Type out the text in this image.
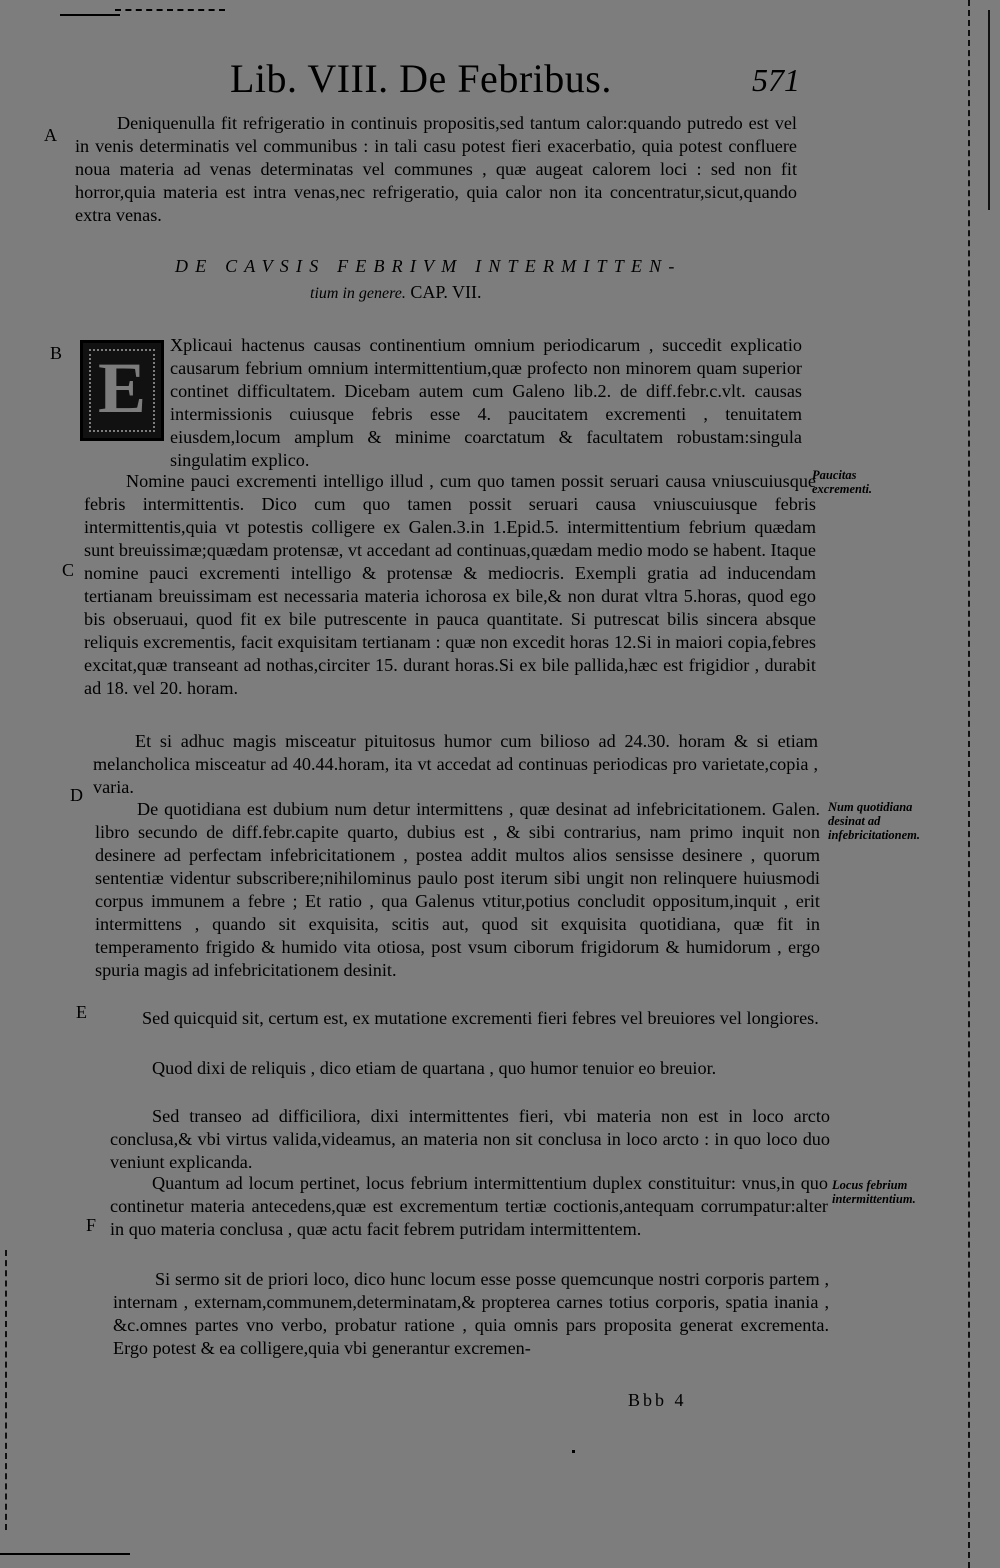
Lib. VIII. De Febribus.	571
A

Deniquenulla fit refrigeratio in continuis propositis,sed tantum calor:quando putredo est vel in venis determinatis vel communibus : in tali casu potest fieri exacerbatio, quia potest confluere noua materia ad venas determinatas vel communes , quæ augeat calorem loci : sed non fit horror,quia materia est intra venas,nec refrigeratio, quia calor non ita concentratur,sicut,quando extra venas.

DE CAVSIS FEBRIVM INTERMITTEN-
tium in genere. CAP. VII.
B E

Xplicaui hactenus causas continentium omnium periodicarum , succedit explicatio causarum febrium omnium intermittentium,quæ profecto non minorem quam superior continet difficultatem. Dicebam autem cum Galeno lib.2. de diff.febr.c.vlt. causas intermissionis cuiusque febris esse 4. paucitatem excrementi , tenuitatem eiusdem,locum amplum & minime coarctatum & facultatem robustam:singula singulatim explico.

Paucitas excrementi.

Nomine pauci excrementi intelligo illud , cum quo tamen possit seruari causa vniuscuiusque febris intermittentis. Dico cum quo tamen possit seruari causa vniuscuiusque febris intermittentis,quia vt potestis colligere ex Galen.3.in 1.Epid.5. intermittentium febrium quædam sunt breuissimæ;quædam protensæ, vt accedant ad continuas,quædam medio modo se habent. Itaque nomine pauci excrementi intelligo & protensæ & mediocris. Exempli gratia ad inducendam tertianam breuissimam est necessaria materia ichorosa ex bile,& non durat vltra 5.horas, quod ego bis obseruaui, quod fit ex bile putrescente in pauca quantitate. Si putrescat bilis sincera absque reliquis excrementis, facit exquisitam tertianam : quæ non excedit horas 12.Si in maiori copia,febres excitat,quæ transeant ad nothas,circiter 15. durant horas.Si ex bile pallida,hæc est frigidior , durabit ad 18. vel 20. horam.

C

Et si adhuc magis misceatur pituitosus humor cum bilioso ad 24.30. horam & si etiam melancholica misceatur ad 40.44.horam, ita vt accedat ad continuas periodicas pro varietate,copia , varia.

D
Num quotidiana desinat ad infebricitationem.

De quotidiana est dubium num detur intermittens , quæ desinat ad infebricitationem. Galen. libro secundo de diff.febr.capite quarto, dubius est , & sibi contrarius, nam primo inquit non desinere ad perfectam infebricitationem , postea addit multos alios sensisse desinere , quorum sententiæ videntur subscribere;nihilominus paulo post iterum sibi ungit non relinquere huiusmodi corpus immunem a febre ; Et ratio , qua Galenus vtitur,potius concludit oppositum,inquit , erit intermittens , quando sit exquisita, scitis aut, quod sit exquisita quotidiana, quæ fit in temperamento frigido & humido vita otiosa, post vsum ciborum frigidorum & humidorum , ergo spuria magis ad infebricitationem desinit.

E	Sed quicquid sit, certum est, ex mutatione excrementi fieri febres vel breuiores vel longiores.

Quod dixi de reliquis , dico etiam de quartana , quo humor tenuior eo breuior.

Sed transeo ad difficiliora, dixi intermittentes fieri, vbi materia non est in loco arcto conclusa,& vbi virtus valida,videamus, an materia non sit conclusa in loco arcto : in quo loco duo veniunt explicanda.

Locus febrium intermittentium.

Quantum ad locum pertinet, locus febrium intermittentium duplex constituitur: vnus,in quo continetur materia antecedens,quæ est excrementum tertiæ coctionis,antequam corrumpatur:alter in quo materia conclusa , quæ actu facit febrem putridam intermittentem.

F

Si sermo sit de priori loco, dico hunc locum esse posse quemcunque nostri corporis partem , internam , externam,communem,determinatam,& propterea carnes totius corporis, spatia inania , &c.omnes partes vno verbo, probatur ratione , quia omnis pars proposita generat excrementa. Ergo potest & ea colligere,quia vbi generantur excremen-

Bbb 4
